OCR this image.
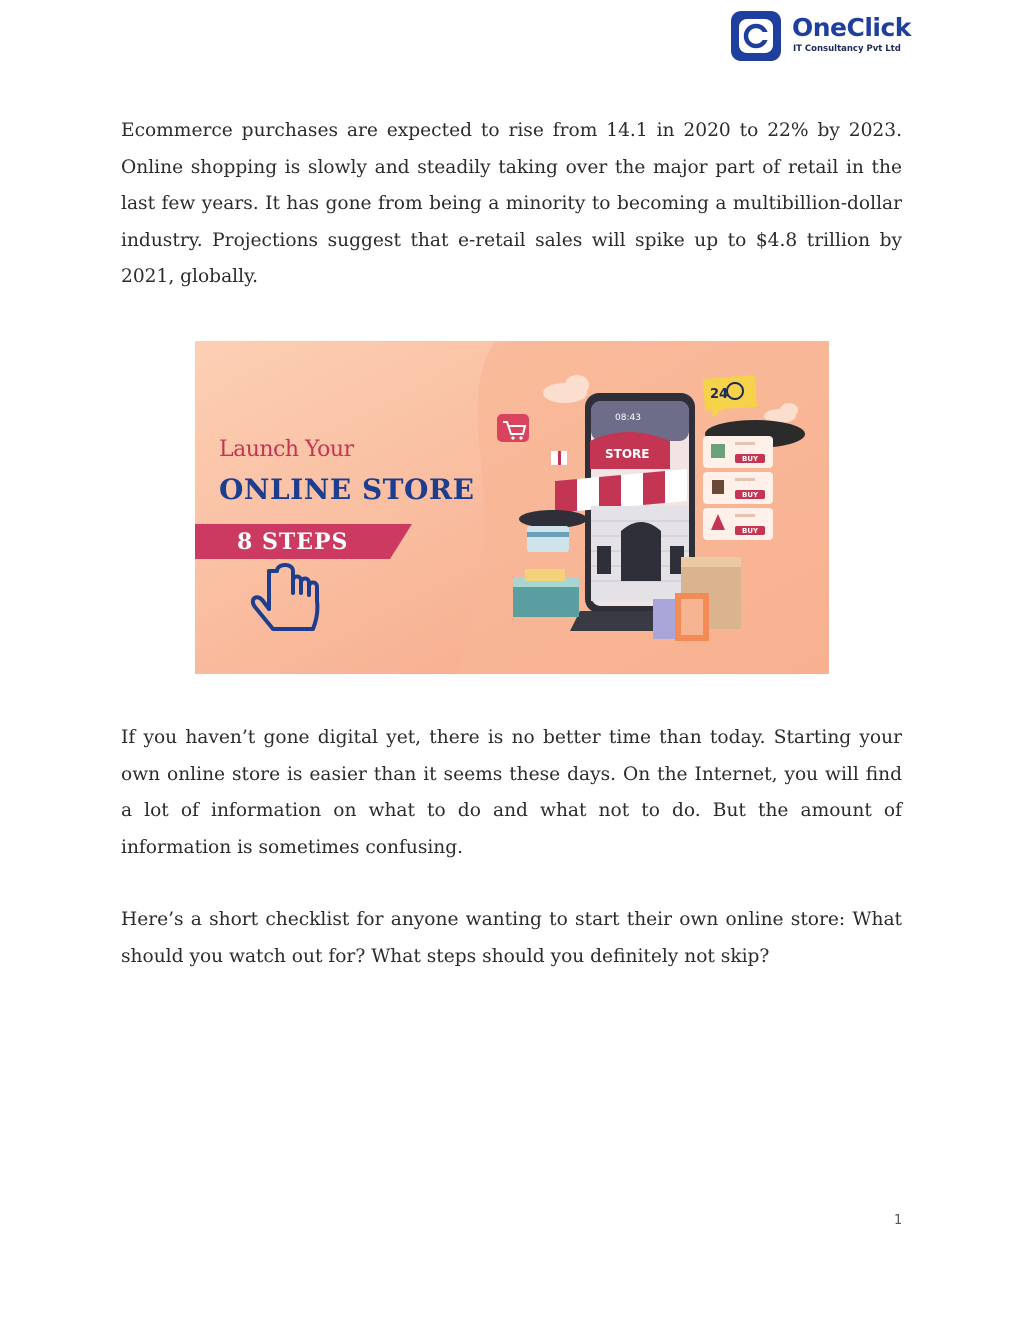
OneClick
IT Consultancy Pvt Ltd

Ecommerce purchases are expected to rise from 14.1 in 2020 to 22% by 2023. Online shopping is slowly and steadily taking over the major part of retail in the last few years. It has gone from being a minority to becoming a multibillion-dollar industry. Projections suggest that e-retail sales will spike up to $4.8 trillion by 2021, globally.

Launch Your
ONLINE STORE
8 STEPS
STORE
08:43
24
BUY
BUY
BUY

If you haven’t gone digital yet, there is no better time than today. Starting your own online store is easier than it seems these days. On the Internet, you will find a lot of information on what to do and what not to do. But the amount of information is sometimes confusing.

Here’s a short checklist for anyone wanting to start their own online store: What should you watch out for? What steps should you definitely not skip?

1
